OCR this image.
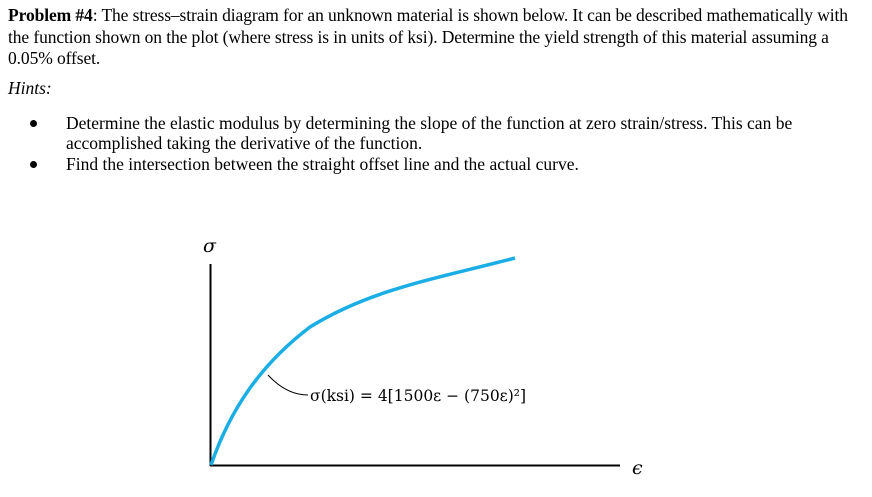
Problem #4: The stress–strain diagram for an unknown material is shown below. It can be described mathematically with the function shown on the plot (where stress is in units of ksi). Determine the yield strength of this material assuming a 0.05% offset.
Hints:
Determine the elastic modulus by determining the slope of the function at zero strain/stress. This can be accomplished taking the derivative of the function.
Find the intersection between the straight offset line and the actual curve.
σ
ϵ
σ(ksi) = 4[1500ε − (750ε)²]
